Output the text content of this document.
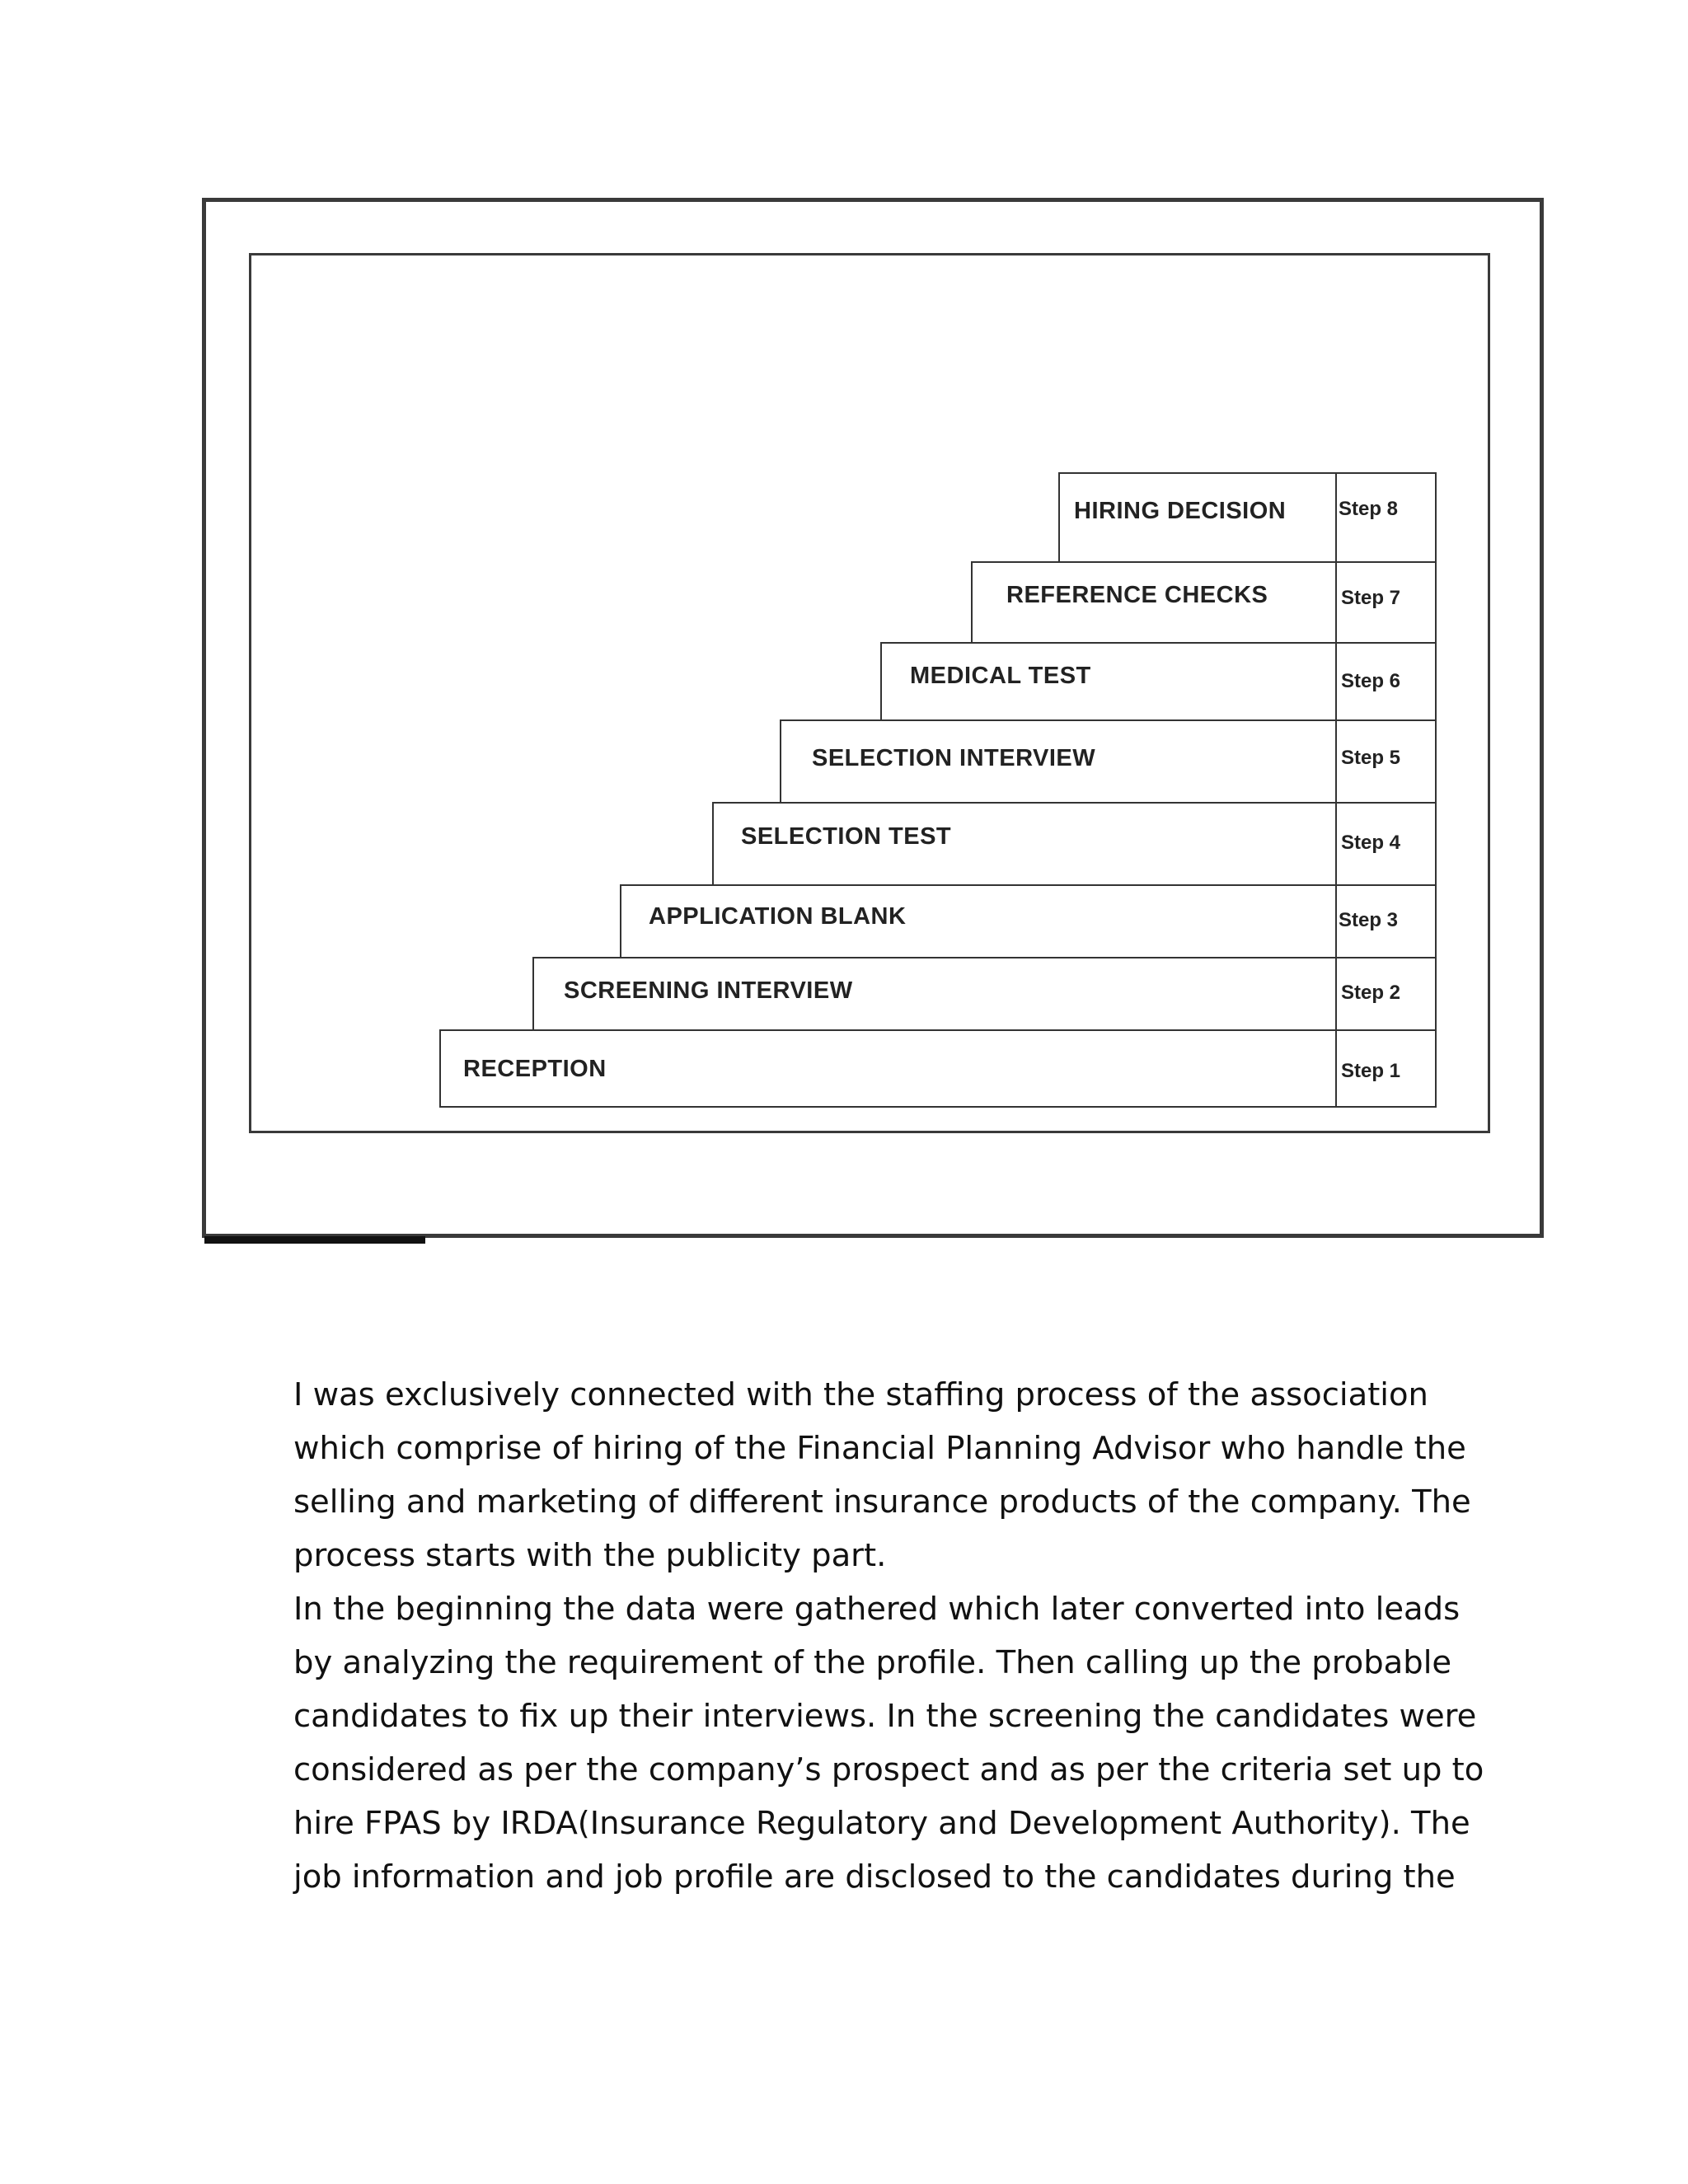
HIRING DECISION
REFERENCE CHECKS
MEDICAL TEST
SELECTION INTERVIEW
SELECTION TEST
APPLICATION BLANK
SCREENING INTERVIEW
RECEPTION
Step 8
Step 7
Step 6
Step 5
Step 4
Step 3
Step 2
Step 1
I was exclusively connected with the staffing process of the association
which comprise of hiring of the Financial Planning Advisor who handle the
selling and marketing of different insurance products of the company. The
process starts with the publicity part.
In the beginning the data were gathered which later converted into leads
by analyzing the requirement of the profile. Then calling up the probable
candidates to fix up their interviews. In the screening the candidates were
considered as per the company’s prospect and as per the criteria set up to
hire FPAS by IRDA(Insurance Regulatory and Development Authority). The
job information and job profile are disclosed to the candidates during the
